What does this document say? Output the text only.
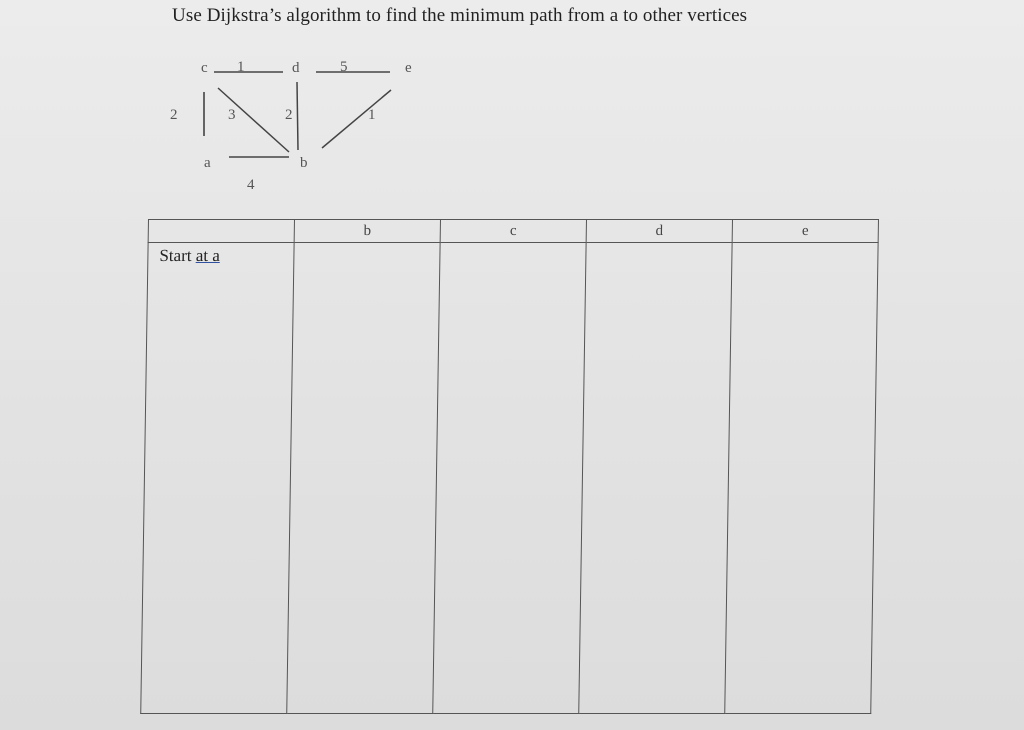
Use Dijkstra’s algorithm to find the minimum path from a to other vertices
c	d	e
a	b
1	5
2	3	2	1
4
	b	c	d	e

Start at a				
